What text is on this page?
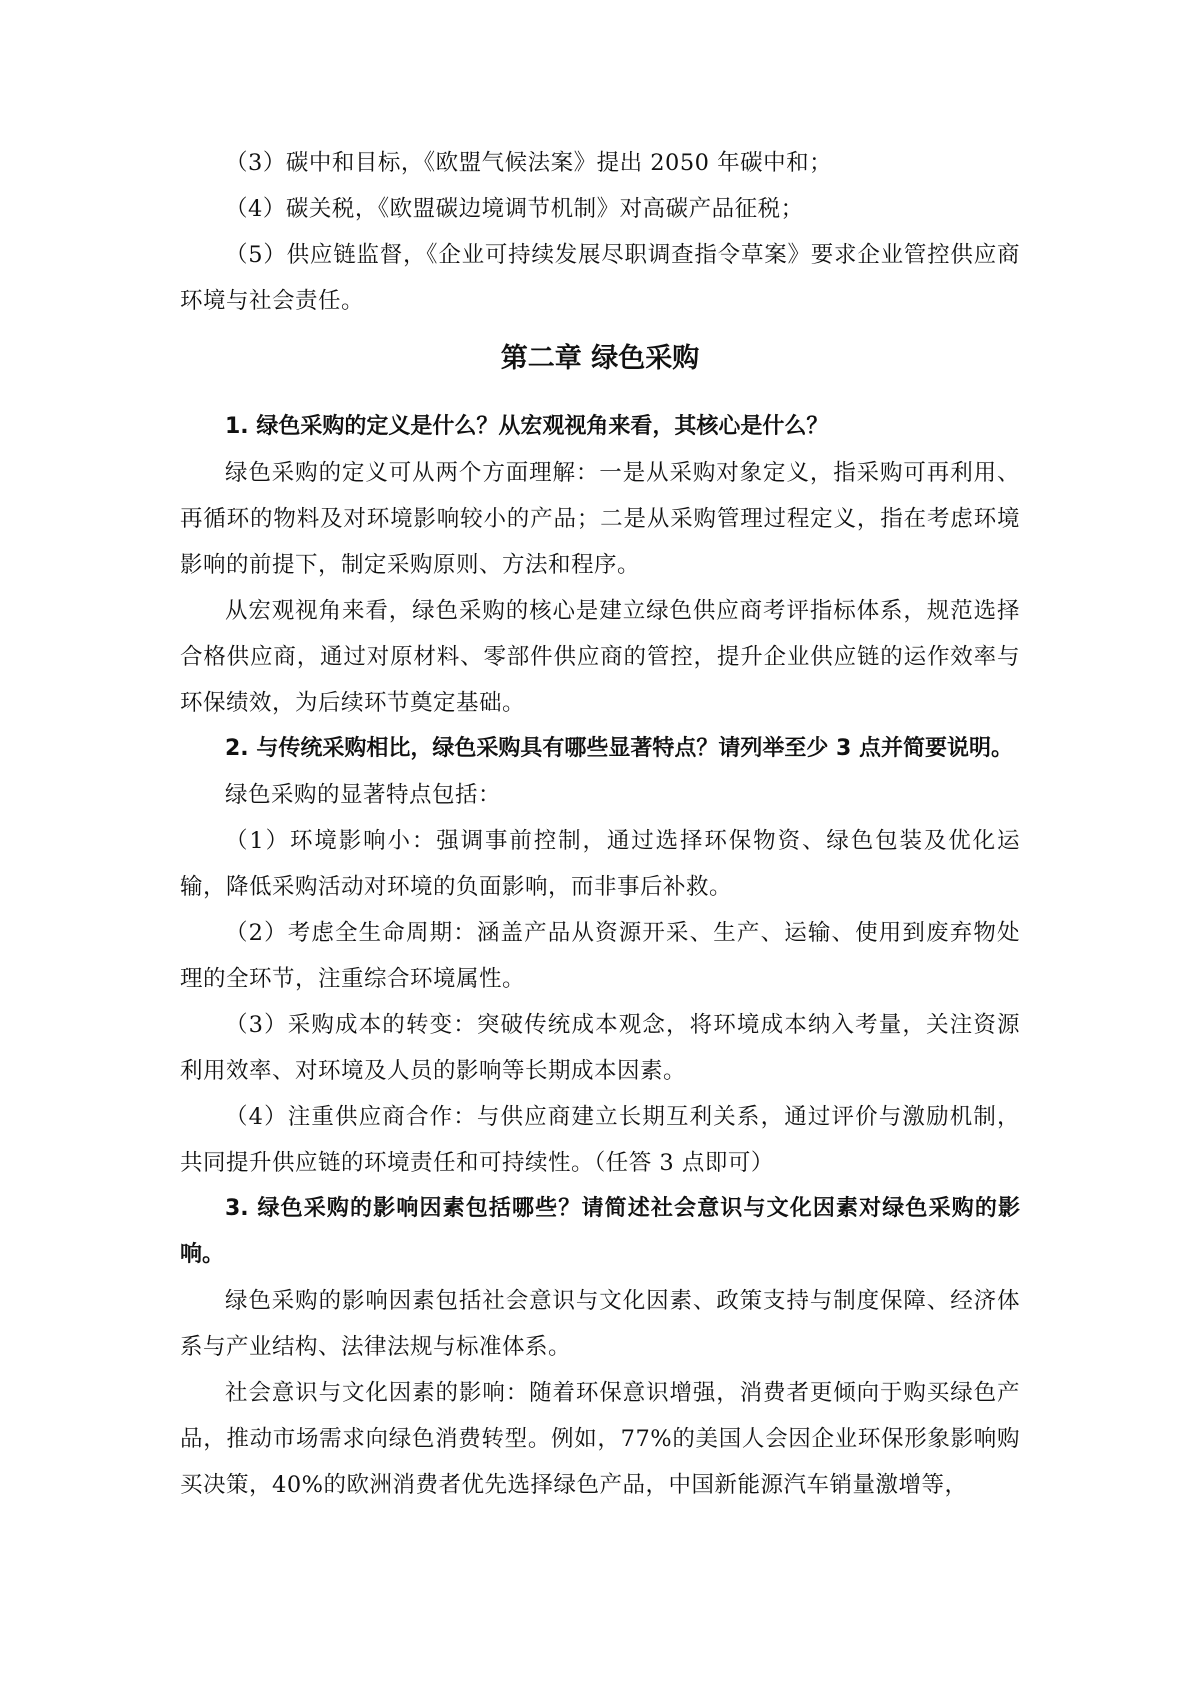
（3）碳中和目标，《欧盟气候法案》提出 2050 年碳中和；

（4）碳关税，《欧盟碳边境调节机制》对高碳产品征税；

（5）供应链监督，《企业可持续发展尽职调查指令草案》要求企业管控供应商环境与社会责任。

第二章 绿色采购

1. 绿色采购的定义是什么？从宏观视角来看，其核心是什么？

绿色采购的定义可从两个方面理解：一是从采购对象定义，指采购可再利用、再循环的物料及对环境影响较小的产品；二是从采购管理过程定义，指在考虑环境影响的前提下，制定采购原则、方法和程序。

从宏观视角来看，绿色采购的核心是建立绿色供应商考评指标体系，规范选择合格供应商，通过对原材料、零部件供应商的管控，提升企业供应链的运作效率与环保绩效，为后续环节奠定基础。

2. 与传统采购相比，绿色采购具有哪些显著特点？请列举至少 3 点并简要说明。

绿色采购的显著特点包括：

（1）环境影响小：强调事前控制，通过选择环保物资、绿色包装及优化运输，降低采购活动对环境的负面影响，而非事后补救。

（2）考虑全生命周期：涵盖产品从资源开采、生产、运输、使用到废弃物处理的全环节，注重综合环境属性。

（3）采购成本的转变：突破传统成本观念，将环境成本纳入考量，关注资源利用效率、对环境及人员的影响等长期成本因素。

（4）注重供应商合作：与供应商建立长期互利关系，通过评价与激励机制，共同提升供应链的环境责任和可持续性。（任答 3 点即可）

3. 绿色采购的影响因素包括哪些？请简述社会意识与文化因素对绿色采购的影响。

绿色采购的影响因素包括社会意识与文化因素、政策支持与制度保障、经济体系与产业结构、法律法规与标准体系。

社会意识与文化因素的影响：随着环保意识增强，消费者更倾向于购买绿色产品，推动市场需求向绿色消费转型。例如，77%的美国人会因企业环保形象影响购买决策，40%的欧洲消费者优先选择绿色产品，中国新能源汽车销量激增等，
